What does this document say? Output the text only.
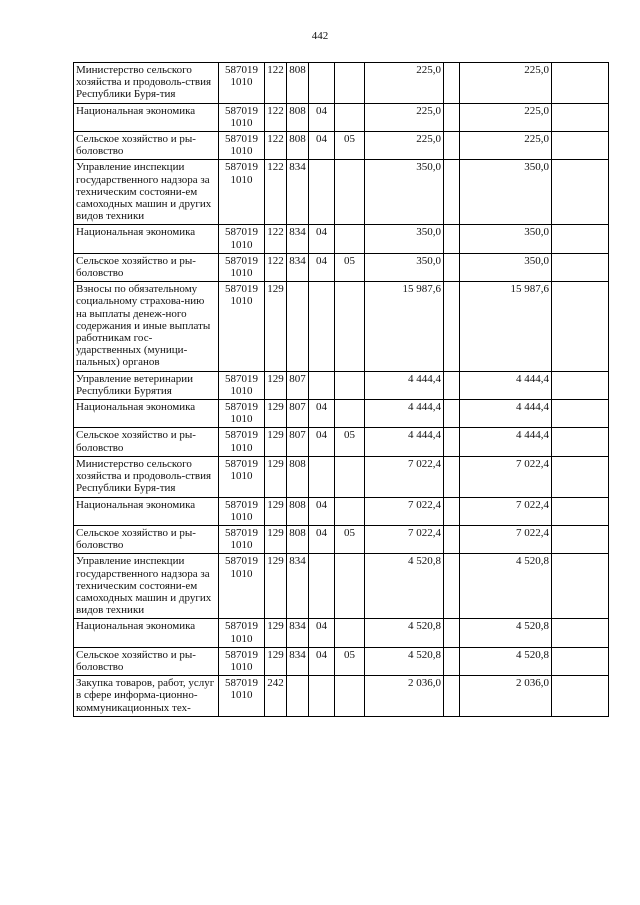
442
Министерство сельского хозяйства и продоволь-ствия Республики Буря-тия	587019 1010	122	808			225,0		225,0	
Национальная экономика	587019 1010	122	808	04		225,0		225,0	
Сельское хозяйство и ры-боловство	587019 1010	122	808	04	05	225,0		225,0	
Управление инспекции государственного надзора за техническим состояни-ем самоходных машин и других видов техники	587019 1010	122	834			350,0		350,0	
Национальная экономика	587019 1010	122	834	04		350,0		350,0	
Сельское хозяйство и ры-боловство	587019 1010	122	834	04	05	350,0		350,0	
Взносы по обязательному социальному страхова-нию на выплаты денеж-ного содержания и иные выплаты работникам гос-ударственных (муници-пальных) органов	587019 1010	129				15 987,6		15 987,6	
Управление ветеринарии Республики Бурятия	587019 1010	129	807			4 444,4		4 444,4	
Национальная экономика	587019 1010	129	807	04		4 444,4		4 444,4	
Сельское хозяйство и ры-боловство	587019 1010	129	807	04	05	4 444,4		4 444,4	
Министерство сельского хозяйства и продоволь-ствия Республики Буря-тия	587019 1010	129	808			7 022,4		7 022,4	
Национальная экономика	587019 1010	129	808	04		7 022,4		7 022,4	
Сельское хозяйство и ры-боловство	587019 1010	129	808	04	05	7 022,4		7 022,4	
Управление инспекции государственного надзора за техническим состояни-ем самоходных машин и других видов техники	587019 1010	129	834			4 520,8		4 520,8	
Национальная экономика	587019 1010	129	834	04		4 520,8		4 520,8	
Сельское хозяйство и ры-боловство	587019 1010	129	834	04	05	4 520,8		4 520,8	
Закупка товаров, работ, услуг в сфере информа-ционно-коммуникационных тех-	587019 1010	242				2 036,0		2 036,0	
